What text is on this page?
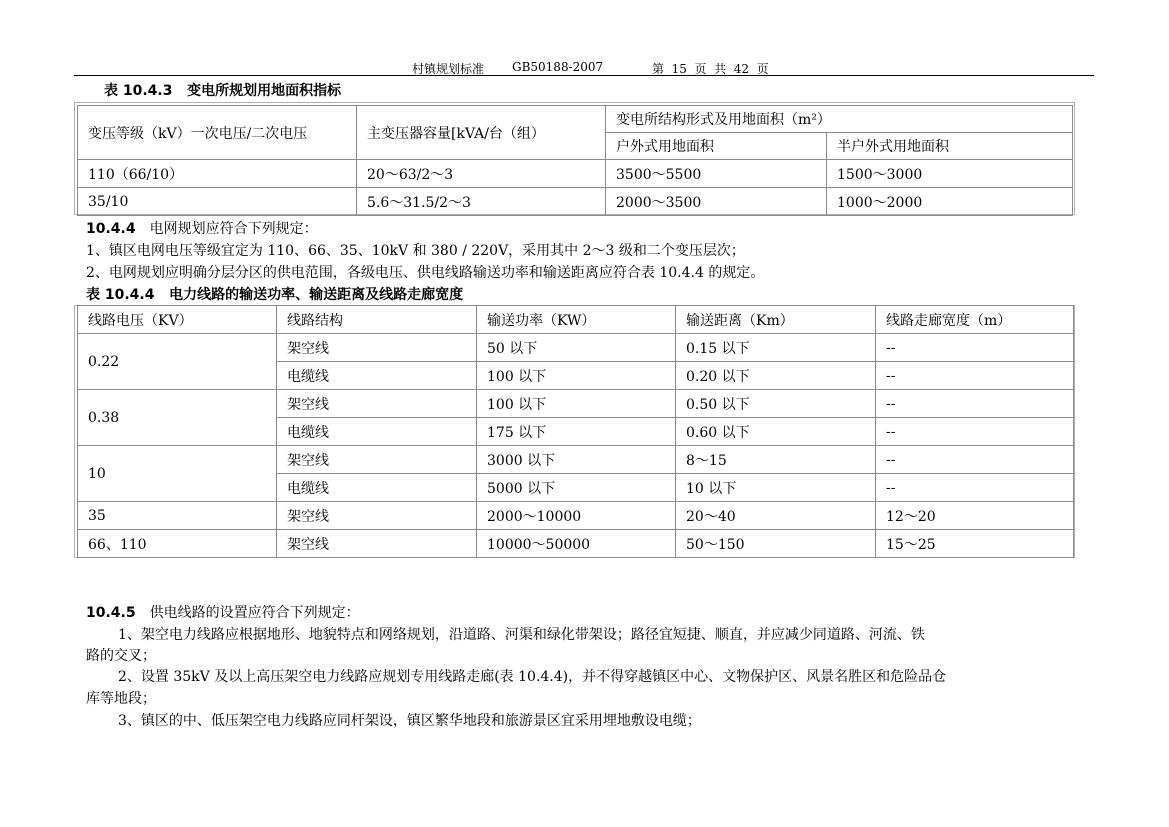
村镇规划标准 GB50188-2007	第  15  页  共  42  页
表 10.4.3   变电所规划用地面积指标
变压等级（kV）一次电压/二次电压	主变压器容量[kVA/台（组）	变电所结构形式及用地面积（m²）	
		户外式用地面积	半户外式用地面积
110（66/10）	20～63/2～3	3500～5500	1500～3000
35/10	5.6～31.5/2～3	2000～3500	1000～2000
10.4.4 电网规划应符合下列规定：
1、镇区电网电压等级宜定为 110、66、35、10kV 和 380 / 220V，采用其中 2～3 级和二个变压层次；
2、电网规划应明确分层分区的供电范围，各级电压、供电线路输送功率和输送距离应符合表 10.4.4 的规定。
表 10.4.4   电力线路的输送功率、输送距离及线路走廊宽度
线路电压（KV）	线路结构	输送功率（KW）	输送距离（Km）	线路走廊宽度（m）
0.22	架空线	50 以下	0.15 以下	--
	电缆线	100 以下	0.20 以下	--
0.38	架空线	100 以下	0.50 以下	--
	电缆线	175 以下	0.60 以下	--
10	架空线	3000 以下	8～15	--
	电缆线	5000 以下	10 以下	--
35	架空线	2000～10000	20～40	12～20
66、110	架空线	10000～50000	50～150	15～25
10.4.5 供电线路的设置应符合下列规定：
1、架空电力线路应根据地形、地貌特点和网络规划，沿道路、河渠和绿化带架设；路径宜短捷、顺直，并应减少同道路、河流、铁
路的交叉；
2、设置 35kV 及以上高压架空电力线路应规划专用线路走廊(表 10.4.4)，并不得穿越镇区中心、文物保护区、风景名胜区和危险品仓
库等地段；
3、镇区的中、低压架空电力线路应同杆架设，镇区繁华地段和旅游景区宜采用埋地敷设电缆；
